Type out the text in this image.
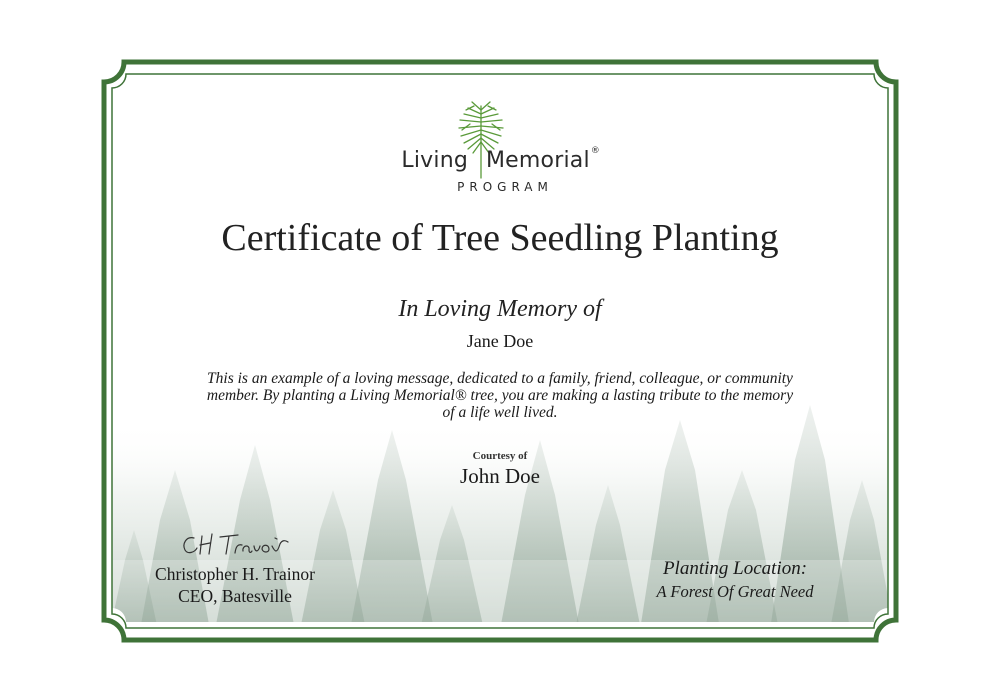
Living Memorial®
PROGRAM
Certificate of Tree Seedling Planting
In Loving Memory of
Jane Doe

This is an example of a loving message, dedicated to a family, friend, colleague, or community member. By planting a Living Memorial® tree, you are making a lasting tribute to the memory of a life well lived.

Courtesy of
John Doe
Christopher H. Trainor
CEO, Batesville
Planting Location:
A Forest Of Great Need
